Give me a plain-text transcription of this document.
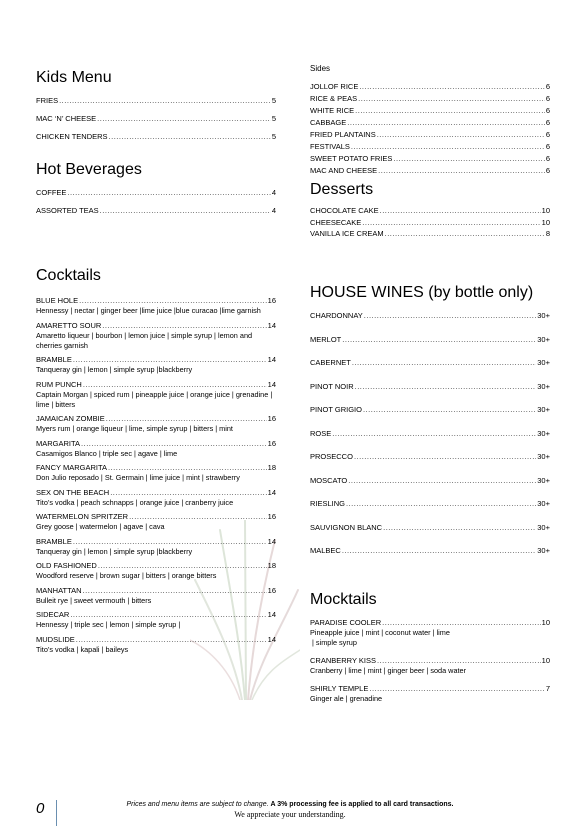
Kids Menu
FRIES .....	5
MAC ‘N’ CHEESE .....	5
CHICKEN TENDERS .....	5
Hot Beverages
COFFEE .....	4
ASSORTED TEAS .....	4
Cocktails
BLUE HOLE .....	16
Hennessy | nectar | ginger beer |lime juice |blue curacao |lime garnish
AMARETTO SOUR .....	14
Amaretto liqueur | bourbon | lemon juice | simple syrup | lemon and cherries garnish
BRAMBLE .....	14
Tanqueray gin | lemon | simple syrup |blackberry
RUM PUNCH .....	14
Captain Morgan | spiced rum | pineapple juice | orange juice | grenadine | lime | bitters
JAMAICAN ZOMBIE .....	16
Myers rum | orange liqueur | lime, simple syrup | bitters | mint
MARGARITA .....	16
Casamigos Blanco | triple sec | agave | lime
FANCY MARGARITA .....	18
Don Julio reposado | St. Germain | lime juice | mint | strawberry
SEX ON THE BEACH .....	14
Tito’s vodka | peach schnapps | orange juice | cranberry juice
WATERMELON SPRITZER .....	16
Grey goose | watermelon | agave | cava
BRAMBLE .....	14
Tanqueray gin | lemon | simple syrup |blackberry
OLD FASHIONED .....	18
Woodford reserve | brown sugar | bitters | orange bitters
MANHATTAN .....	16
Bulleit rye | sweet vermouth | bitters
SIDECAR .....	14
Hennessy | triple sec | lemon | simple syrup |
MUDSLIDE .....	14
Tito’s vodka | kapali | baileys
Sides
JOLLOF RICE .....	6
RICE & PEAS .....	6
WHITE RICE .....	6
CABBAGE .....	6
FRIED PLANTAINS .....	6
FESTIVALS .....	6
SWEET POTATO FRIES .....	6
MAC AND CHEESE .....	6
Desserts
CHOCOLATE CAKE .....	10
CHEESECAKE .....	10
VANILLA ICE CREAM .....	8
HOUSE WINES (by bottle only)
CHARDONNAY .....	30+
MERLOT .....	30+
CABERNET .....	30+
PINOT NOIR .....	30+
PINOT GRIGIO .....	30+
ROSE .....	30+
PROSECCO .....	30+
MOSCATO .....	30+
RIESLING .....	30+
SAUVIGNON BLANC .....	30+
MALBEC .....	30+
Mocktails
PARADISE COOLER .....	10
Pineapple juice | mint | coconut water | lime
| simple syrup
CRANBERRY KISS .....	10
Cranberry | lime | mint | ginger beer | soda water
SHIRLY TEMPLE .....	7
Ginger ale | grenadine
0	Prices and menu items are subject to change. A 3% processing fee is applied to all card transactions.
We appreciate your understanding.
